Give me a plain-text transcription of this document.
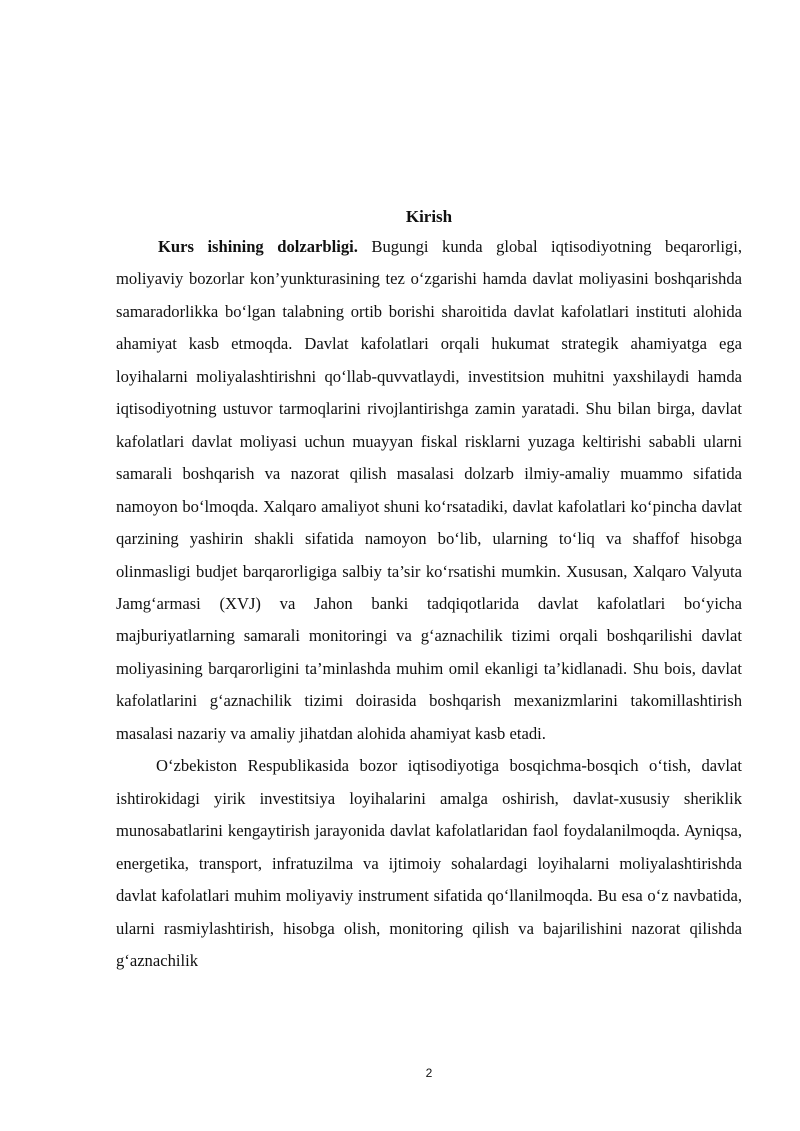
Kirish

Kurs ishining dolzarbligi. Bugungi kunda global iqtisodiyotning beqarorligi, moliyaviy bozorlar kon’yunkturasining tez o‘zgarishi hamda davlat moliyasini boshqarishda samaradorlikka bo‘lgan talabning ortib borishi sharoitida davlat kafolatlari instituti alohida ahamiyat kasb etmoqda. Davlat kafolatlari orqali hukumat strategik ahamiyatga ega loyihalarni moliyalashtirishni qo‘llab-quvvatlaydi, investitsion muhitni yaxshilaydi hamda iqtisodiyotning ustuvor tarmoqlarini rivojlantirishga zamin yaratadi. Shu bilan birga, davlat kafolatlari davlat moliyasi uchun muayyan fiskal risklarni yuzaga keltirishi sababli ularni samarali boshqarish va nazorat qilish masalasi dolzarb ilmiy-amaliy muammo sifatida namoyon bo‘lmoqda. Xalqaro amaliyot shuni ko‘rsatadiki, davlat kafolatlari ko‘pincha davlat qarzining yashirin shakli sifatida namoyon bo‘lib, ularning to‘liq va shaffof hisobga olinmasligi budjet barqarorligiga salbiy ta’sir ko‘rsatishi mumkin. Xususan, Xalqaro Valyuta Jamg‘armasi (XVJ) va Jahon banki tadqiqotlarida davlat kafolatlari bo‘yicha majburiyatlarning samarali monitoringi va g‘aznachilik tizimi orqali boshqarilishi davlat moliyasining barqarorligini ta’minlashda muhim omil ekanligi ta’kidlanadi. Shu bois, davlat kafolatlarini g‘aznachilik tizimi doirasida boshqarish mexanizmlarini takomillashtirish masalasi nazariy va amaliy jihatdan alohida ahamiyat kasb etadi.

O‘zbekiston Respublikasida bozor iqtisodiyotiga bosqichma-bosqich o‘tish, davlat ishtirokidagi yirik investitsiya loyihalarini amalga oshirish, davlat-xususiy sheriklik munosabatlarini kengaytirish jarayonida davlat kafolatlaridan faol foydalanilmoqda. Ayniqsa, energetika, transport, infratuzilma va ijtimoiy sohalardagi loyihalarni moliyalashtirishda davlat kafolatlari muhim moliyaviy instrument sifatida qo‘llanilmoqda. Bu esa o‘z navbatida, ularni rasmiylashtirish, hisobga olish, monitoring qilish va bajarilishini nazorat qilishda g‘aznachilik

2
